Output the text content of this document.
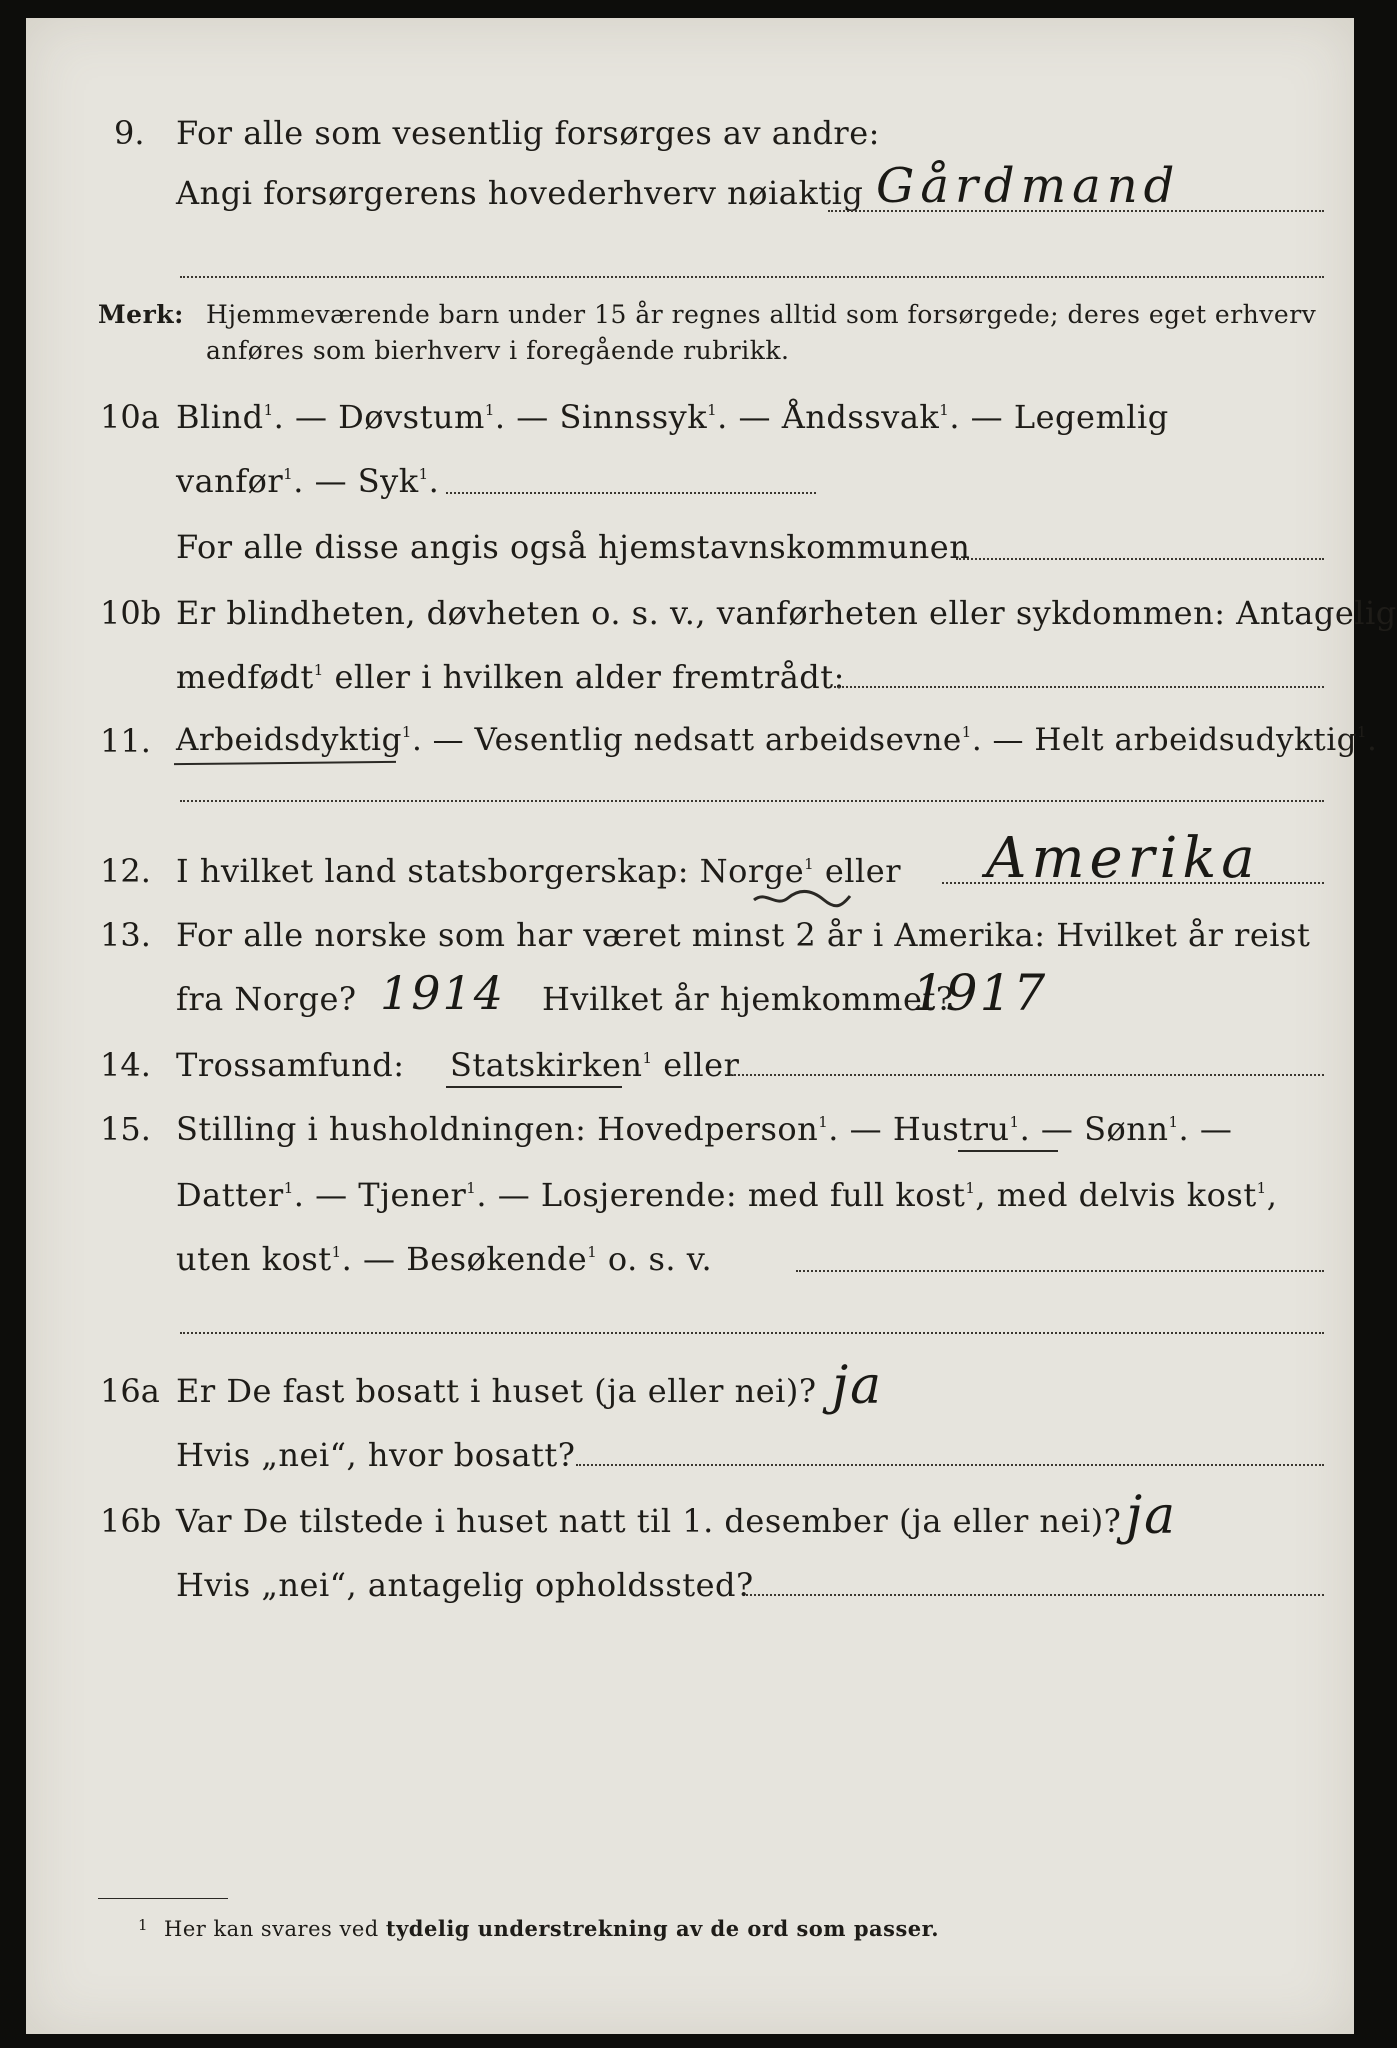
9. For alle som vesentlig forsørges av andre:
Angi forsørgerens hovederhverv nøiaktig Gårdmand
Merk: Hjemmeværende barn under 15 år regnes alltid som forsørgede; deres eget erhverv
anføres som bierhverv i foregående rubrikk.
10a Blind$^1$. — Døvstum$^1$. — Sinnssyk$^1$. — Åndssvak$^1$. — Legemlig
vanfør$^1$. — Syk$^1$.
For alle disse angis også hjemstavnskommunen
10b Er blindheten, døvheten o. s. v., vanførheten eller sykdommen: Antagelig
medfødt$^1$ eller i hvilken alder fremtrådt:
11. Arbeidsdyktig$^1$. — Vesentlig nedsatt arbeidsevne$^1$. — Helt arbeidsudyktig$^1$.
12. I hvilket land statsborgerskap: Norge$^1$ eller Amerika
13. For alle norske som har været minst 2 år i Amerika: Hvilket år reist
fra Norge? 1914 Hvilket år hjemkommet?
1917
14. Trossamfund: Statskirken$^1$ eller
15. Stilling i husholdningen: Hovedperson$^1$. — Hustru$^1$. — Sønn$^1$. —
Datter$^1$. — Tjener$^1$. — Losjerende: med full kost$^1$, med delvis kost$^1$,
uten kost$^1$. — Besøkende$^1$ o. s. v.
16a Er De fast bosatt i huset (ja eller nei)? ja
Hvis „nei“, hvor bosatt?
16b Var De tilstede i huset natt til 1. desember (ja eller nei)? ja
Hvis „nei“, antagelig opholdssted?
1 Her kan svares ved tydelig understrekning av de ord som passer.
